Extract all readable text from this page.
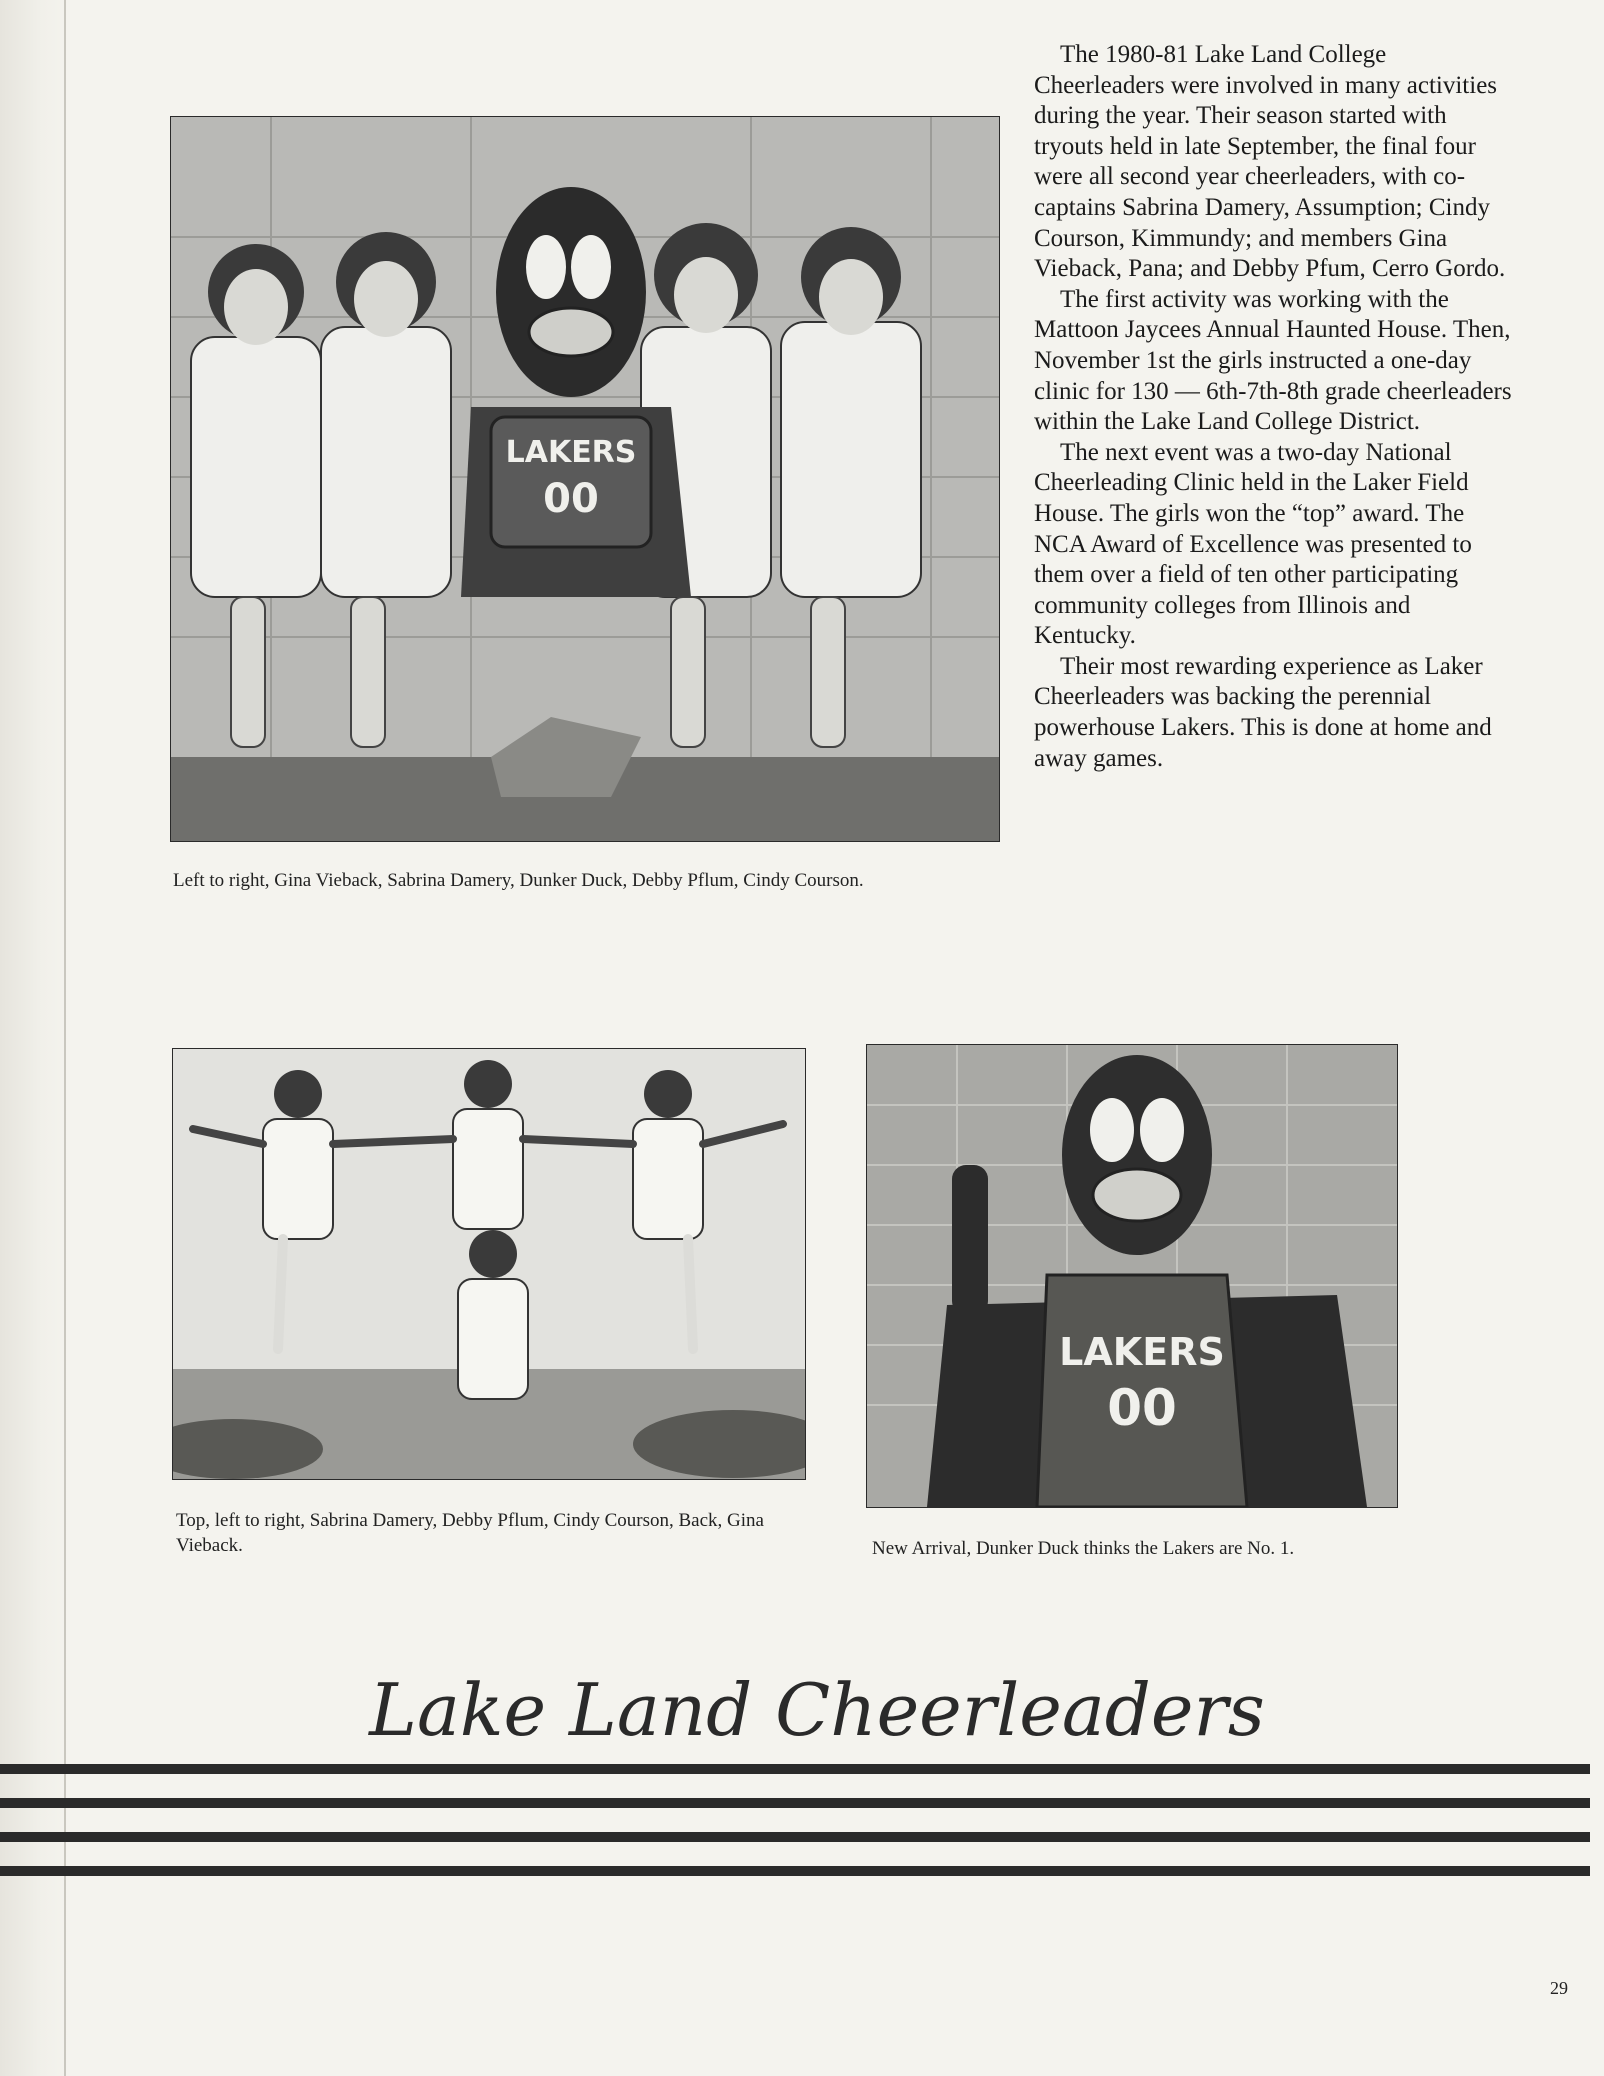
LAKERS
00

Left to right, Gina Vieback, Sabrina Damery, Dunker Duck, Debby Pflum, Cindy Courson.

The 1980-81 Lake Land College Cheerleaders were involved in many activities during the year. Their season started with tryouts held in late September, the final four were all second year cheerleaders, with co-captains Sabrina Damery, Assumption; Cindy Courson, Kimmundy; and members Gina Vieback, Pana; and Debby Pfum, Cerro Gordo.

The first activity was working with the Mattoon Jaycees Annual Haunted House. Then, November 1st the girls instructed a one-day clinic for 130 — 6th-7th-8th grade cheerleaders within the Lake Land College District.

The next event was a two-day National Cheerleading Clinic held in the Laker Field House. The girls won the “top” award. The NCA Award of Excellence was presented to them over a field of ten other participating community colleges from Illinois and Kentucky.

Their most rewarding experience as Laker Cheerleaders was backing the perennial powerhouse Lakers. This is done at home and away games.

Top, left to right, Sabrina Damery, Debby Pflum, Cindy Courson, Back, Gina Vieback.

LAKERS
00

New Arrival, Dunker Duck thinks the Lakers are No. 1.

Lake Land Cheerleaders
29
